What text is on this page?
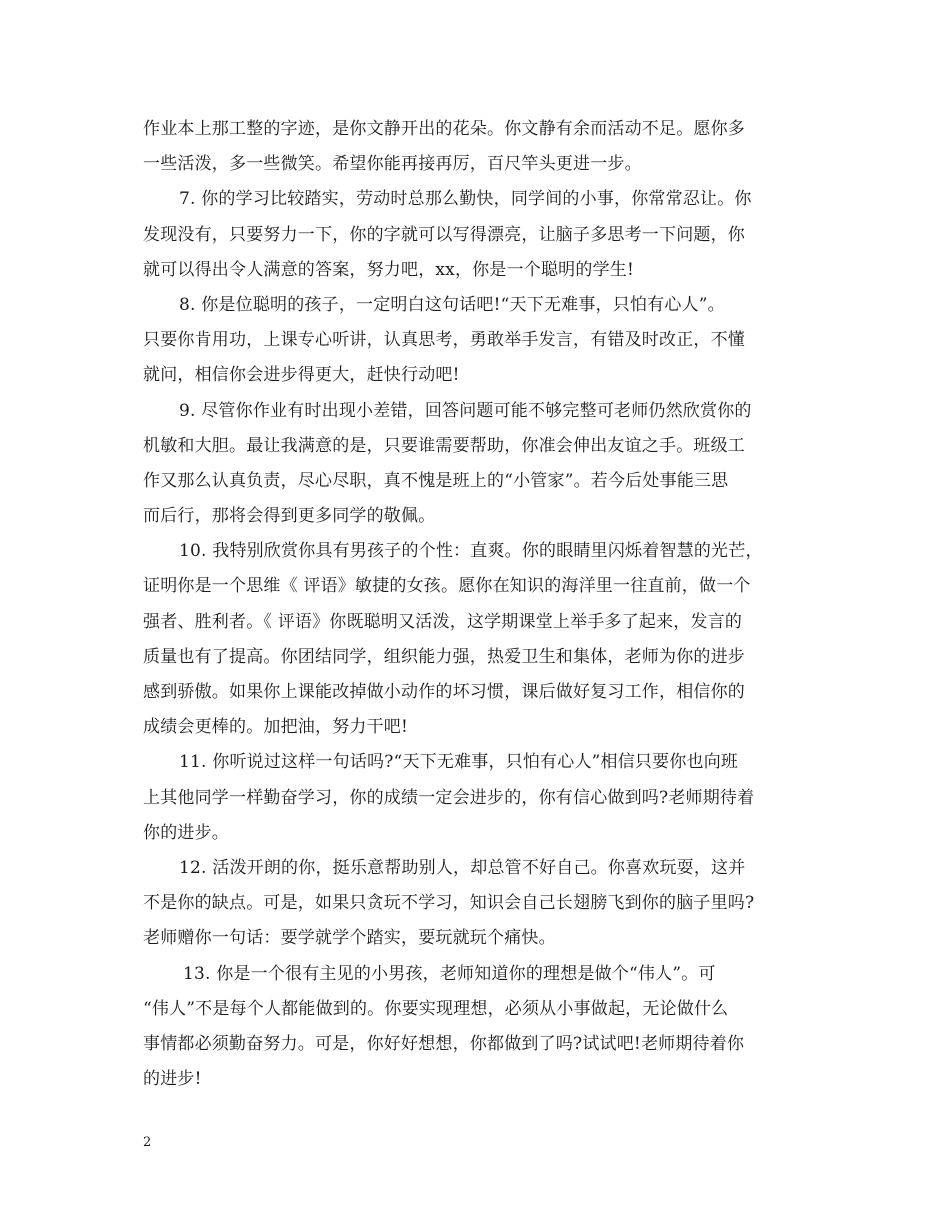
作业本上那工整的字迹，是你文静开出的花朵。你文静有余而活动不足。愿你多
一些活泼，多一些微笑。希望你能再接再厉，百尺竿头更进一步。
7. 你的学习比较踏实，劳动时总那么勤快，同学间的小事，你常常忍让。你
发现没有，只要努力一下，你的字就可以写得漂亮，让脑子多思考一下问题，你
就可以得出令人满意的答案，努力吧，xx，你是一个聪明的学生!
8. 你是位聪明的孩子，一定明白这句话吧!“天下无难事，只怕有心人”。
只要你肯用功，上课专心听讲，认真思考，勇敢举手发言，有错及时改正，不懂
就问，相信你会进步得更大，赶快行动吧!
9. 尽管你作业有时出现小差错，回答问题可能不够完整可老师仍然欣赏你的
机敏和大胆。最让我满意的是，只要谁需要帮助，你准会伸出友谊之手。班级工
作又那么认真负责，尽心尽职，真不愧是班上的“小管家”。若今后处事能三思
而后行，那将会得到更多同学的敬佩。
10. 我特别欣赏你具有男孩子的个性：直爽。你的眼睛里闪烁着智慧的光芒，
证明你是一个思维《 评语》敏捷的女孩。愿你在知识的海洋里一往直前，做一个
强者、胜利者。《 评语》你既聪明又活泼，这学期课堂上举手多了起来，发言的
质量也有了提高。你团结同学，组织能力强，热爱卫生和集体，老师为你的进步
感到骄傲。如果你上课能改掉做小动作的坏习惯，课后做好复习工作，相信你的
成绩会更棒的。加把油，努力干吧!
11. 你听说过这样一句话吗?“天下无难事，只怕有心人”相信只要你也向班
上其他同学一样勤奋学习，你的成绩一定会进步的，你有信心做到吗?老师期待着
你的进步。
12. 活泼开朗的你，挺乐意帮助别人，却总管不好自己。你喜欢玩耍，这并
不是你的缺点。可是，如果只贪玩不学习，知识会自己长翅膀飞到你的脑子里吗?
老师赠你一句话：要学就学个踏实，要玩就玩个痛快。
13. 你是一个很有主见的小男孩，老师知道你的理想是做个“伟人”。可
“伟人”不是每个人都能做到的。你要实现理想，必须从小事做起，无论做什么
事情都必须勤奋努力。可是，你好好想想，你都做到了吗?试试吧!老师期待着你
的进步!
2
